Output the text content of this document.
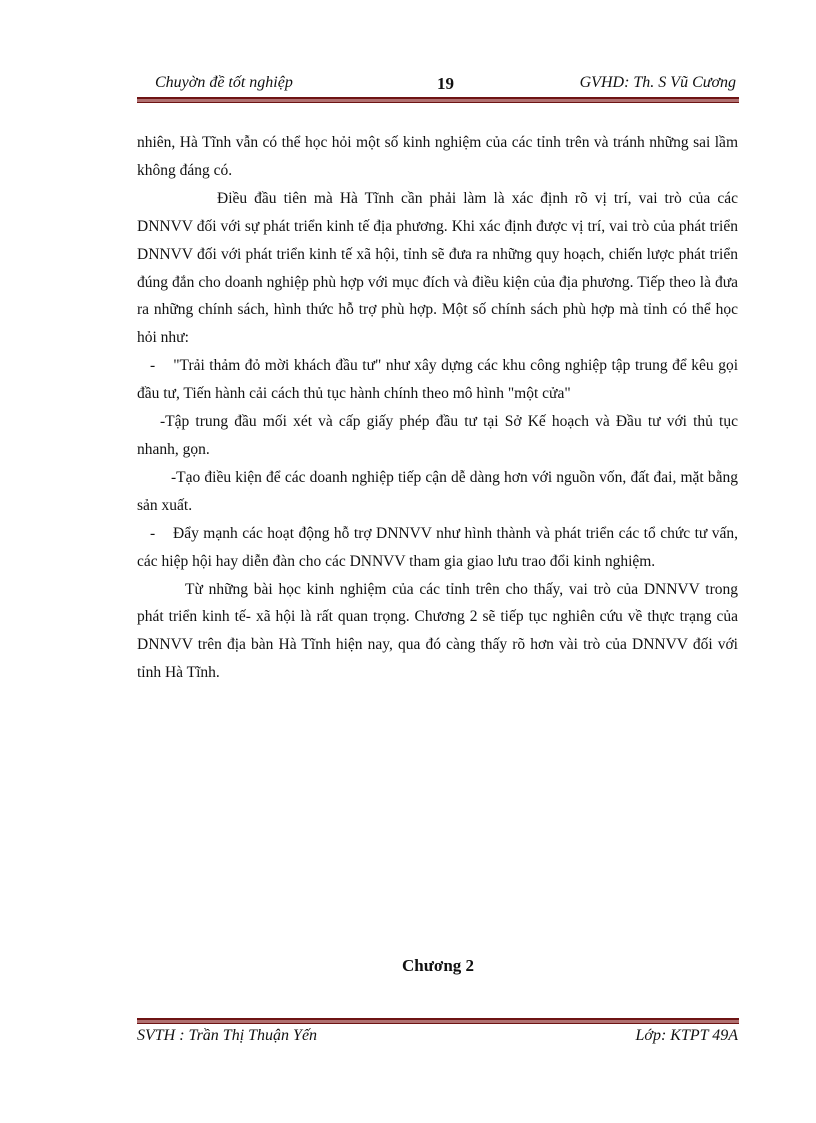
Chuyờn đề tốt nghiệp	19	GVHD: Th. S Vũ Cương

nhiên, Hà Tĩnh vẫn có thể học hỏi một số kinh nghiệm của các tỉnh trên và tránh những sai lầm không đáng có.

Điều đầu tiên mà Hà Tĩnh cần phải làm là xác định rõ vị trí, vai trò của các DNNVV đối với sự phát triển kinh tế địa phương. Khi xác định được vị trí, vai trò của phát triển DNNVV đối với phát triển kinh tế xã hội, tỉnh sẽ đưa ra những quy hoạch, chiến lược phát triển đúng đắn cho doanh nghiệp phù hợp với mục đích và điều kiện của địa phương. Tiếp theo là đưa ra những chính sách, hình thức hỗ trợ phù hợp. Một số chính sách phù hợp mà tỉnh có thể học hỏi như:

-    "Trải thảm đỏ mời khách đầu tư" như xây dựng các khu công nghiệp tập trung để kêu gọi đầu tư, Tiến hành cải cách thủ tục hành chính theo mô hình "một cửa"

-Tập trung đầu mối xét và cấp giấy phép đầu tư tại Sở Kế hoạch và Đầu tư với thủ tục nhanh, gọn.

-Tạo điều kiện để các doanh nghiệp tiếp cận dễ dàng hơn với nguồn vốn, đất đai, mặt bằng sản xuất.

-    Đẩy mạnh các hoạt động hỗ trợ DNNVV như hình thành và phát triển các tổ chức tư vấn, các hiệp hội hay diễn đàn cho các DNNVV tham gia giao lưu trao đổi kinh nghiệm.

Từ những bài học kinh nghiệm của các tỉnh trên cho thấy, vai trò của DNNVV trong phát triển kinh tế- xã hội là rất quan trọng. Chương 2 sẽ tiếp tục nghiên cứu về thực trạng của DNNVV trên địa bàn Hà Tĩnh hiện nay, qua đó càng thấy rõ hơn vài trò của DNNVV đối với tỉnh Hà Tĩnh.

Chương 2
SVTH : Trần Thị Thuận Yến	Lớp: KTPT 49A
